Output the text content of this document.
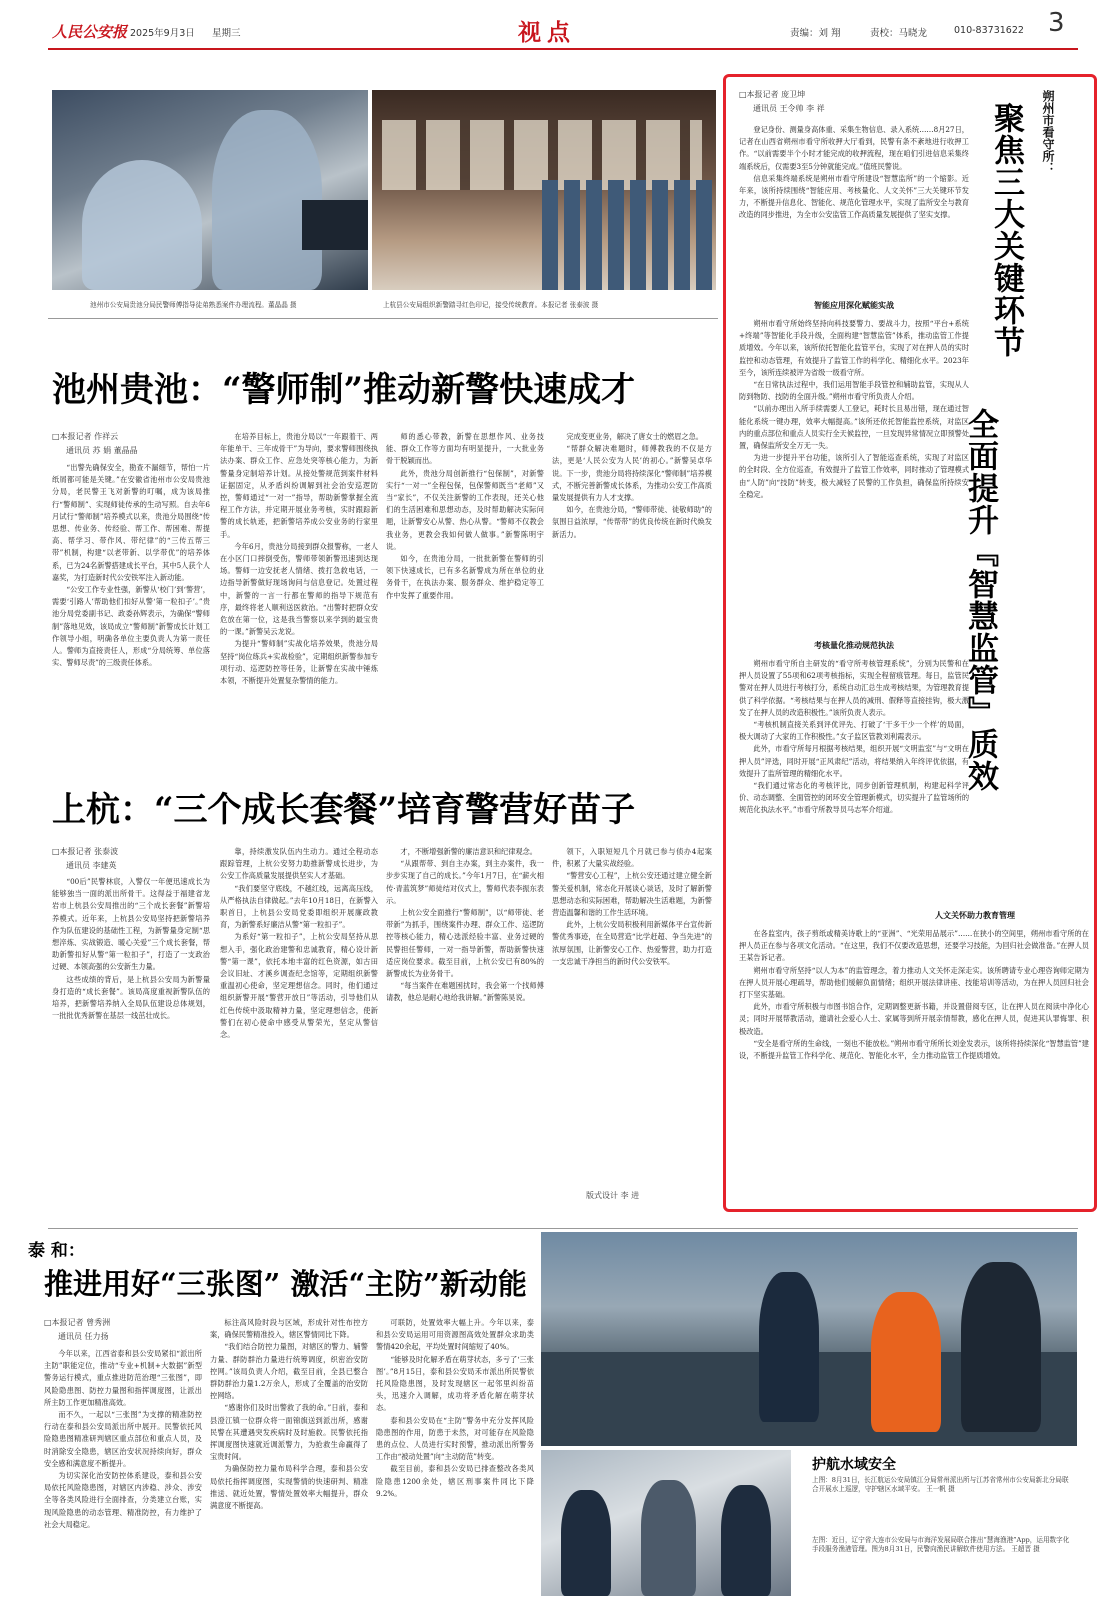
人民公安报 2025年9月3日 星期三	视点	责编：刘 翔	责校：马晓龙	010-83731622 3
池州市公安局贵池分局民警师傅指导徒弟熟悉案件办理流程。董晶晶 摄	上杭县公安局组织新警踏寻红色印记，接受传统教育。本报记者 张泰波 摄
池州贵池：“警师制”推动新警快速成才
□本报记者 作祥云
通讯员 苏 娟 董晶晶

“出警先确保安全，勘查不漏细节，帮怕一片纸屑都可能是关键。”在安徽省池州市公安局贵池分局，老民警王飞对新警的叮嘱，成为该局推行“警师制”、实现师徒传承的生动写照。自去年6月试行“警师制”培养模式以来，贵池分局围绕“传思想、传业务、传经验、帮工作、帮困难、帮提高、帮学习、带作风、带纪律”的“三传五帮三带”机制，构建“以老带新、以学带优”的培养体系，已为24名新警搭建成长平台，其中5人获个人嘉奖，为打造新时代公安铁军注入新动能。

“公安工作专业性强，新警从‘校门’到‘警营’，需要‘引路人’帮助他们扣好从警‘第一粒扣子’。”贵池分局党委副书记、政委孙辉表示，为确保“警师制”落地见效，该局成立“警师制”新警成长计划工作领导小组，明确各单位主要负责人为第一责任人。警师为直接责任人，形成“分局统筹、单位落实、警师尽责”的三级责任体系。

在培养目标上，贵池分局以“一年跟着干、两年能单干、三年成骨干”为导向，要求警师围绕执法办案、群众工作、应急处突等核心能力，为新警量身定制培养计划。从接处警规范到案件材料证据固定，从矛盾纠纷调解到社会治安巡逻防控，警师通过“一对一”指导，帮助新警掌握全流程工作方法，并定期开展业务考核，实时跟踪新警的成长轨迹，把新警培养成公安业务的行家里手。

今年6月，贵池分局接到群众报警称，一老人在小区门口摔倒受伤，警师带领新警迅速到达现场。警师一边安抚老人情绪、拨打急救电话，一边指导新警做好现场询问与信息登记。处置过程中，新警的一言一行都在警师的指导下规范有序，最终将老人顺利送医救治。“出警时把群众安危放在第一位，这是我当警察以来学到的最宝贵的一课。”新警吴云龙说。

为提升“警师制”实战化培养效果，贵池分局坚持“岗位练兵+实战检验”，定期组织新警参加专项行动、巡逻防控等任务，让新警在实战中锤炼本领，不断提升处置复杂警情的能力。

师的悉心带教，新警在思想作风、业务技能、群众工作等方面均有明显提升，一大批业务骨干脱颖而出。

此外，贵池分局创新推行“包保制”，对新警实行“一对一”全程包保，包保警师既当“老师”又当“家长”，不仅关注新警的工作表现，还关心他们的生活困难和思想动态，及时帮助解决实际问题，让新警安心从警、热心从警。“警师不仅教会我业务，更教会我如何做人做事。”新警陈明宇说。

如今，在贵池分局，一批批新警在警师的引领下快速成长，已有多名新警成为所在单位的业务骨干，在执法办案、服务群众、维护稳定等工作中发挥了重要作用。

完成变更业务，解决了唐女士的燃眉之急。

“帮群众解决难题时，师傅教我的不仅是方法，更是‘人民公安为人民’的初心。”新警吴卓华说。下一步，贵池分局将持续深化“警师制”培养模式，不断完善新警成长体系，为推动公安工作高质量发展提供有力人才支撑。

如今，在贵池分局，“警师带徒、徒敬师助”的氛围日益浓厚，“传帮带”的优良传统在新时代焕发新活力。

上杭：“三个成长套餐”培育警营好苗子
□本报记者 张泰波
通讯员 李建英

“00后”民警林宸，入警仅一年便迅速成长为能够独当一面的派出所骨干。这得益于福建省龙岩市上杭县公安局推出的“三个成长套餐”新警培养模式。近年来，上杭县公安局坚持把新警培养作为队伍建设的基础性工程，为新警量身定制“思想淬炼、实战锻造、暖心关爱”三个成长套餐，帮助新警扣好从警“第一粒扣子”，打造了一支政治过硬、本领高强的公安新生力量。

这些成绩的背后，是上杭县公安局为新警量身打造的“成长套餐”。该局高度重视新警队伍的培养，把新警培养纳入全局队伍建设总体规划，一批批优秀新警在基层一线茁壮成长。

靠，持续激发队伍内生动力。通过全程动态跟踪管理，上杭公安努力助推新警成长进步，为公安工作高质量发展提供坚实人才基础。

“我们要坚守底线，不越红线，远离高压线，从严格执法自律做起。”去年10月18日，在新警入职首日，上杭县公安局党委即组织开展廉政教育，为新警系好廉洁从警“第一粒扣子”。

为系好“第一粒扣子”，上杭公安局坚持从思想入手，强化政治建警和忠诚教育，精心设计新警“第一课”，依托本地丰富的红色资源，如古田会议旧址、才溪乡调查纪念馆等，定期组织新警重温初心使命，坚定理想信念。同时，他们通过组织新警开展“警营开放日”等活动，引导他们从红色传统中汲取精神力量，坚定理想信念，使新警们在初心使命中感受从警荣光，坚定从警信念。

才，不断增强新警的廉洁意识和纪律观念。

“从跟帮带、到自主办案，到主办案件，我一步步实现了自己的成长。”今年1月7日，在“薪火相传·青蓝筑梦”师徒结对仪式上，警师代表李振东表示。

上杭公安全面推行“警师制”，以“师带徒、老带新”为抓手，围绕案件办理、群众工作、巡逻防控等核心能力，精心选派经验丰富、业务过硬的民警担任警师，一对一指导新警，帮助新警快速适应岗位要求。截至目前，上杭公安已有80%的新警成长为业务骨干。

“每当案件在难题困扰时，我会第一个找师傅请教，他总是耐心地给我讲解。”新警陈昊说。

领下，入职短短几个月就已参与侦办4起案件，积累了大量实战经验。

“警营安心工程”，上杭公安还通过建立健全新警关爱机制，常态化开展谈心谈话，及时了解新警思想动态和实际困难，帮助解决生活难题，为新警营造温馨和谐的工作生活环境。

此外，上杭公安局积极利用新媒体平台宣传新警优秀事迹，在全局营造“比学赶超、争当先进”的浓厚氛围，让新警安心工作、热爱警营，助力打造一支忠诚干净担当的新时代公安铁军。

版式设计 李 进
□本报记者 庞卫坤
通讯员 王令帅 李 祥

登记身份、测量身高体重、采集生物信息、录入系统……8月27日，记者在山西省朔州市看守所收押大厅看到，民警有条不紊地进行收押工作。“以前需要半个小时才能完成的收押流程，现在咱们引进信息采集终端系统后，仅需要3至5分钟就能完成。”值班民警说。

信息采集终端系统是朔州市看守所建设“智慧监所”的一个缩影。近年来，该所持续围绕“智能应用、考核量化、人文关怀”三大关键环节发力，不断提升信息化、智能化、规范化管理水平，实现了监所安全与教育改造的同步推进，为全市公安监管工作高质量发展提供了坚实支撑。

朔州市看守所：
聚焦三大关键环节
全面提升『智慧监管』质效
智能应用深化赋能实战

朔州市看守所始终坚持向科技要警力、要战斗力，按照“平台+系统+终端”等智能化手段升级，全面构建“智慧监管”体系，推动监管工作提质增效。今年以来，该所依托智能化监管平台，实现了对在押人员的实时监控和动态管理，有效提升了监管工作的科学化、精细化水平。2023年至今，该所连续被评为省级一级看守所。

“在日常执法过程中，我们运用智能手段管控和辅助监管，实现从人防到物防、技防的全面升级。”朔州市看守所负责人介绍。

“以前办理出入所手续需要人工登记，耗时长且易出错，现在通过智能化系统一键办理，效率大幅提高。”该所还依托智能监控系统，对监区内的重点部位和重点人员实行全天候监控，一旦发现异常情况立即预警处置，确保监所安全万无一失。

为进一步提升平台功能，该所引入了智能巡查系统，实现了对监区的全时段、全方位巡查，有效提升了监管工作效率，同时推动了管理模式由“人防”向“技防”转变，极大减轻了民警的工作负担，确保监所持续安全稳定。

考核量化推动规范执法

朔州市看守所自主研发的“看守所考核管理系统”，分别为民警和在押人员设置了55项和62项考核指标，实现全程留痕管理。每日，监管民警对在押人员进行考核打分，系统自动汇总生成考核结果，为管理教育提供了科学依据。“考核结果与在押人员的减刑、假释等直接挂钩，极大激发了在押人员的改造积极性。”该所负责人表示。

“考核机制直接关系到评优评先、打破了‘干多干少一个样’的局面，极大调动了大家的工作积极性。”女子监区管教刘利霞表示。

此外，市看守所每月根据考核结果，组织开展“文明监室”与“文明在押人员”评选，同时开展“正风肃纪”活动，将结果纳入年终评优依据，有效提升了监所管理的精细化水平。

“我们通过常态化的考核评比，同步创新管理机制，构建起科学评价、动态调整、全面管控的闭环安全管理新模式，切实提升了监管场所的规范化执法水平。”市看守所教导员马志军介绍道。

人文关怀助力教育管理

在各监室内，孩子剪纸或精美诗歌上的“亚洲”、“光荣用品展示”……在狭小的空间里，朔州市看守所的在押人员正在参与各项文化活动。“在这里，我们不仅要改造思想，还要学习技能，为回归社会做准备。”在押人员王某告诉记者。

朔州市看守所坚持“以人为本”的监管理念，着力推动人文关怀走深走实。该所聘请专业心理咨询师定期为在押人员开展心理疏导，帮助他们缓解负面情绪；组织开展法律讲座、技能培训等活动，为在押人员回归社会打下坚实基础。

此外，市看守所积极与市图书馆合作，定期调整更新书籍，并设置借阅专区，让在押人员在阅读中净化心灵；同时开展帮教活动，邀请社会爱心人士、家属等到所开展亲情帮教，感化在押人员，促进其认罪悔罪、积极改造。

“安全是看守所的生命线，一刻也不能放松。”朔州市看守所所长刘金发表示，该所将持续深化“智慧监管”建设，不断提升监管工作科学化、规范化、智能化水平，全力推动监管工作提质增效。

泰 和：
推进用好“三张图” 激活“主防”新动能
□本报记者 曾秀洲
通讯员 任力扬

今年以来，江西省泰和县公安局紧扣“派出所主防”职能定位，推动“专业+机制+大数据”新型警务运行模式，重点推进防范治理“三张图”，即风险隐患图、防控力量图和指挥调度图，让派出所主防工作更加精准高效。

而不久，一起以“三张图”为支撑的精准防控行动在泰和县公安局派出所中展开。民警依托风险隐患图精准研判辖区重点部位和重点人员，及时消除安全隐患，辖区治安状况持续向好，群众安全感和满意度不断提升。

为切实深化治安防控体系建设，泰和县公安局依托风险隐患图，对辖区内涉稳、涉众、涉安全等各类风险进行全面排查，分类建立台账，实现风险隐患的动态管理、精准防控，有力维护了社会大局稳定。

标注高风险时段与区域，形成针对性布控方案，确保民警精准投入，辖区警情同比下降。

“我们结合防控力量图，对辖区的警力、辅警力量、群防群治力量进行统筹调度，织密治安防控网。”该局负责人介绍，截至目前，全县已整合群防群治力量1.2万余人，形成了全覆盖的治安防控网络。

“感谢你们及时出警救了我的命。”日前，泰和县澄江镇一位群众将一面锦旗送到派出所，感谢民警在其遭遇突发疾病时及时施救。民警依托指挥调度图快速就近调派警力，为抢救生命赢得了宝贵时间。

为确保防控力量布局科学合理，泰和县公安局依托指挥调度图，实现警情的快速研判、精准推送、就近处置，警情处置效率大幅提升，群众满意度不断提高。

可联防，处置效率大幅上升。今年以来，泰和县公安局运用可用资源图高效处置群众求助类警情420余起，平均处置时间缩短了40%。

“能够及时化解矛盾在萌芽状态，多亏了‘三张图’。”8月15日，泰和县公安局禾市派出所民警依托风险隐患图，及时发现辖区一起邻里纠纷苗头，迅速介入调解，成功将矛盾化解在萌芽状态。

泰和县公安局在“主防”警务中充分发挥风险隐患图的作用，防患于未然，对可能存在风险隐患的点位、人员进行实时预警，推动派出所警务工作由“被动处置”向“主动防范”转变。

截至目前，泰和县公安局已排查整改各类风险隐患1200余处，辖区刑事案件同比下降9.2%。

护航水域安全
上图：8月31日，长江航运公安局镇江分局常州派出所与江苏省常州市公安局新北分局联合开展水上巡逻，守护辖区水域平安。 王一帆 摄
左图：近日，辽宁省大连市公安局与市海洋发展局联合推出“慧海渔港”App，运用数字化手段服务渔港管理。图为8月31日，民警向渔民讲解软件使用方法。 王超晋 摄
